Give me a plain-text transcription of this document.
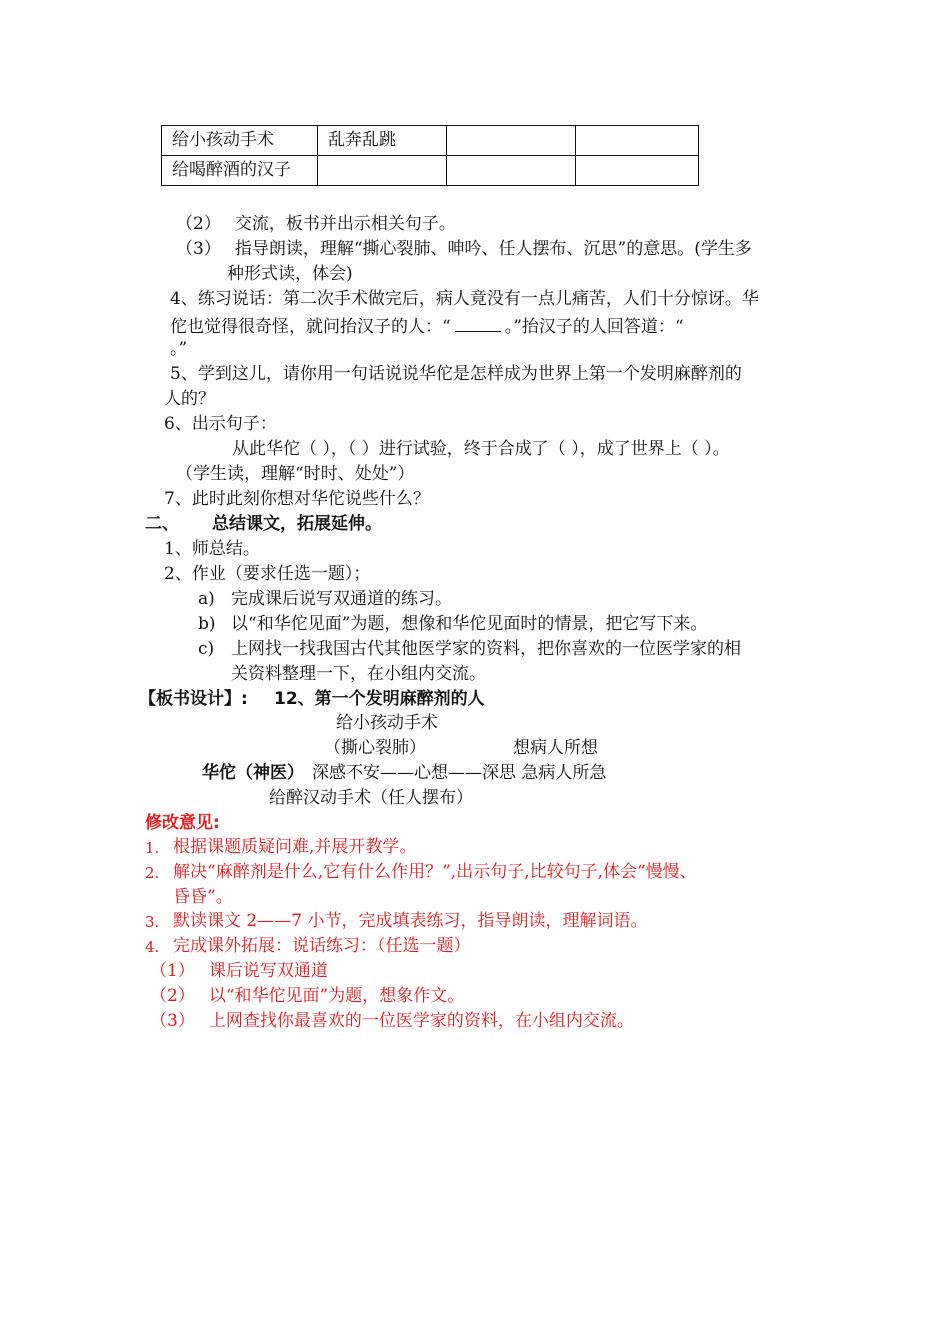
给小孩动手术	乱奔乱跳		
给喝醉酒的汉子			
（2） 交流，板书并出示相关句子。
（3） 指导朗读，理解“撕心裂肺、呻吟、任人摆布、沉思”的意思。(学生多
种形式读，体会)
4、练习说话：第二次手术做完后，病人竟没有一点儿痛苦，人们十分惊讶。华
佗也觉得很奇怪，就问抬汉子的人：“	。”抬汉子的人回答道：“
。”
5、学到这儿，请你用一句话说说华佗是怎样成为世界上第一个发明麻醉剂的
人的？
6、出示句子：
从此华佗（ ），（ ）进行试验，终于合成了（ ），成了世界上（ ）。
（学生读，理解“时时、处处”）
7、此时此刻你想对华佗说些什么？
二、 总结课文，拓展延伸。
1、师总结。
2、作业（要求任选一题）；
a) 完成课后说写双通道的练习。
b) 以“和华佗见面”为题，想像和华佗见面时的情景，把它写下来。
c) 上网找一找我国古代其他医学家的资料，把你喜欢的一位医学家的相
关资料整理一下，在小组内交流。
【板书设计】: 12、第一个发明麻醉剂的人
给小孩动手术
（撕心裂肺）	想病人所想
华佗（神医） 深感不安——心想——深思 急病人所急
给醉汉动手术（任人摆布）
修改意见:
1. 根据课题质疑问难,并展开教学。
2. 解决“麻醉剂是什么,它有什么作用？”,出示句子,比较句子,体会“慢慢、
昏昏”。
3. 默读课文 2——7 小节，完成填表练习，指导朗读，理解词语。
4. 完成课外拓展：说话练习：（任选一题）
（1） 课后说写双通道
（2） 以“和华佗见面”为题，想象作文。
（3） 上网查找你最喜欢的一位医学家的资料，在小组内交流。
